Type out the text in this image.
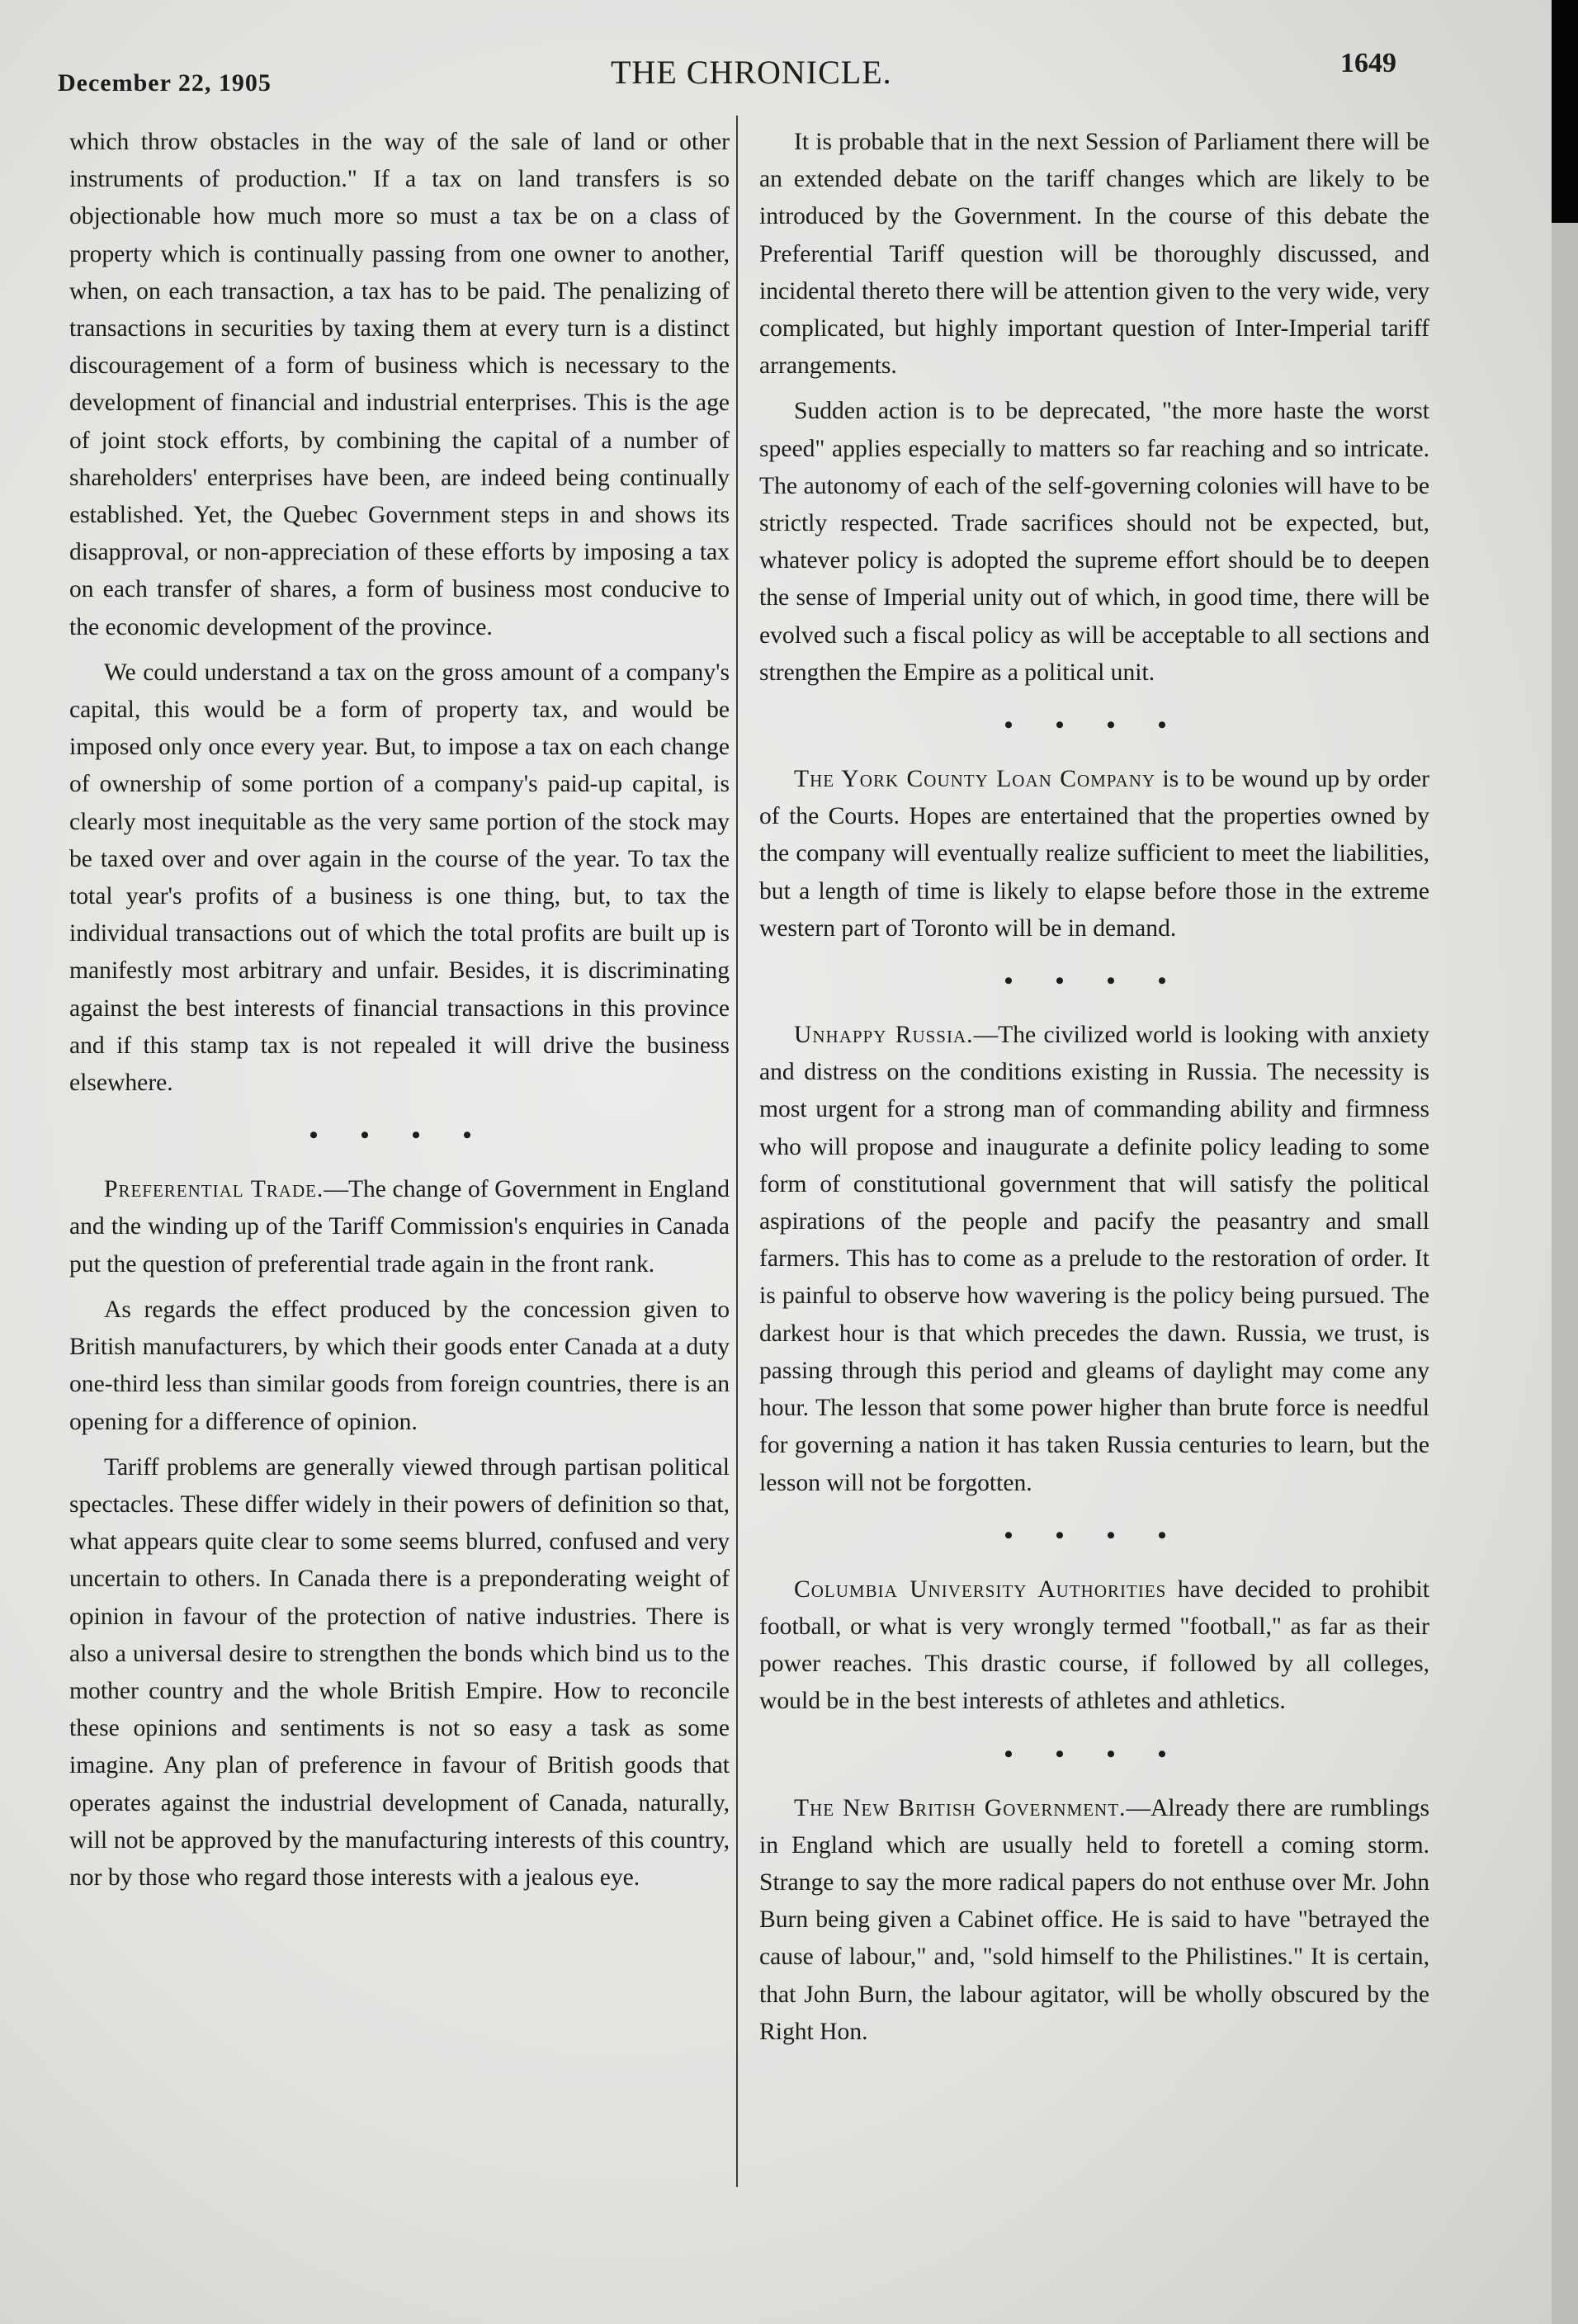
December 22, 1905	THE CHRONICLE.	1649

which throw obstacles in the way of the sale of land or other instruments of production." If a tax on land transfers is so objectionable how much more so must a tax be on a class of property which is continually passing from one owner to another, when, on each transaction, a tax has to be paid. The penalizing of transactions in securities by taxing them at every turn is a distinct discouragement of a form of business which is necessary to the development of financial and industrial enterprises. This is the age of joint stock efforts, by combining the capital of a number of shareholders' enterprises have been, are indeed being continually established. Yet, the Quebec Government steps in and shows its disapproval, or non-appreciation of these efforts by imposing a tax on each transfer of shares, a form of business most conducive to the economic development of the province.

We could understand a tax on the gross amount of a company's capital, this would be a form of property tax, and would be imposed only once every year. But, to impose a tax on each change of ownership of some portion of a company's paid-up capital, is clearly most inequitable as the very same portion of the stock may be taxed over and over again in the course of the year. To tax the total year's profits of a business is one thing, but, to tax the individual transactions out of which the total profits are built up is manifestly most arbitrary and unfair. Besides, it is discriminating against the best interests of financial transactions in this province and if this stamp tax is not repealed it will drive the business elsewhere.

• • • •

Preferential Trade.—The change of Government in England and the winding up of the Tariff Commission's enquiries in Canada put the question of preferential trade again in the front rank.

As regards the effect produced by the concession given to British manufacturers, by which their goods enter Canada at a duty one-third less than similar goods from foreign countries, there is an opening for a difference of opinion.

Tariff problems are generally viewed through partisan political spectacles. These differ widely in their powers of definition so that, what appears quite clear to some seems blurred, confused and very uncertain to others. In Canada there is a preponderating weight of opinion in favour of the protection of native industries. There is also a universal desire to strengthen the bonds which bind us to the mother country and the whole British Empire. How to reconcile these opinions and sentiments is not so easy a task as some imagine. Any plan of preference in favour of British goods that operates against the industrial development of Canada, naturally, will not be approved by the manufacturing interests of this country, nor by those who regard those interests with a jealous eye.

It is probable that in the next Session of Parliament there will be an extended debate on the tariff changes which are likely to be introduced by the Government. In the course of this debate the Preferential Tariff question will be thoroughly discussed, and incidental thereto there will be attention given to the very wide, very complicated, but highly important question of Inter-Imperial tariff arrangements.

Sudden action is to be deprecated, "the more haste the worst speed" applies especially to matters so far reaching and so intricate. The autonomy of each of the self-governing colonies will have to be strictly respected. Trade sacrifices should not be expected, but, whatever policy is adopted the supreme effort should be to deepen the sense of Imperial unity out of which, in good time, there will be evolved such a fiscal policy as will be acceptable to all sections and strengthen the Empire as a political unit.

• • • •

The York County Loan Company is to be wound up by order of the Courts. Hopes are entertained that the properties owned by the company will eventually realize sufficient to meet the liabilities, but a length of time is likely to elapse before those in the extreme western part of Toronto will be in demand.

• • • •

Unhappy Russia.—The civilized world is looking with anxiety and distress on the conditions existing in Russia. The necessity is most urgent for a strong man of commanding ability and firmness who will propose and inaugurate a definite policy leading to some form of constitutional government that will satisfy the political aspirations of the people and pacify the peasantry and small farmers. This has to come as a prelude to the restoration of order. It is painful to observe how wavering is the policy being pursued. The darkest hour is that which precedes the dawn. Russia, we trust, is passing through this period and gleams of daylight may come any hour. The lesson that some power higher than brute force is needful for governing a nation it has taken Russia centuries to learn, but the lesson will not be forgotten.

• • • •

Columbia University Authorities have decided to prohibit football, or what is very wrongly termed "football," as far as their power reaches. This drastic course, if followed by all colleges, would be in the best interests of athletes and athletics.

• • • •

The New British Government.—Already there are rumblings in England which are usually held to foretell a coming storm. Strange to say the more radical papers do not enthuse over Mr. John Burn being given a Cabinet office. He is said to have "betrayed the cause of labour," and, "sold himself to the Philistines." It is certain, that John Burn, the labour agitator, will be wholly obscured by the Right Hon.
